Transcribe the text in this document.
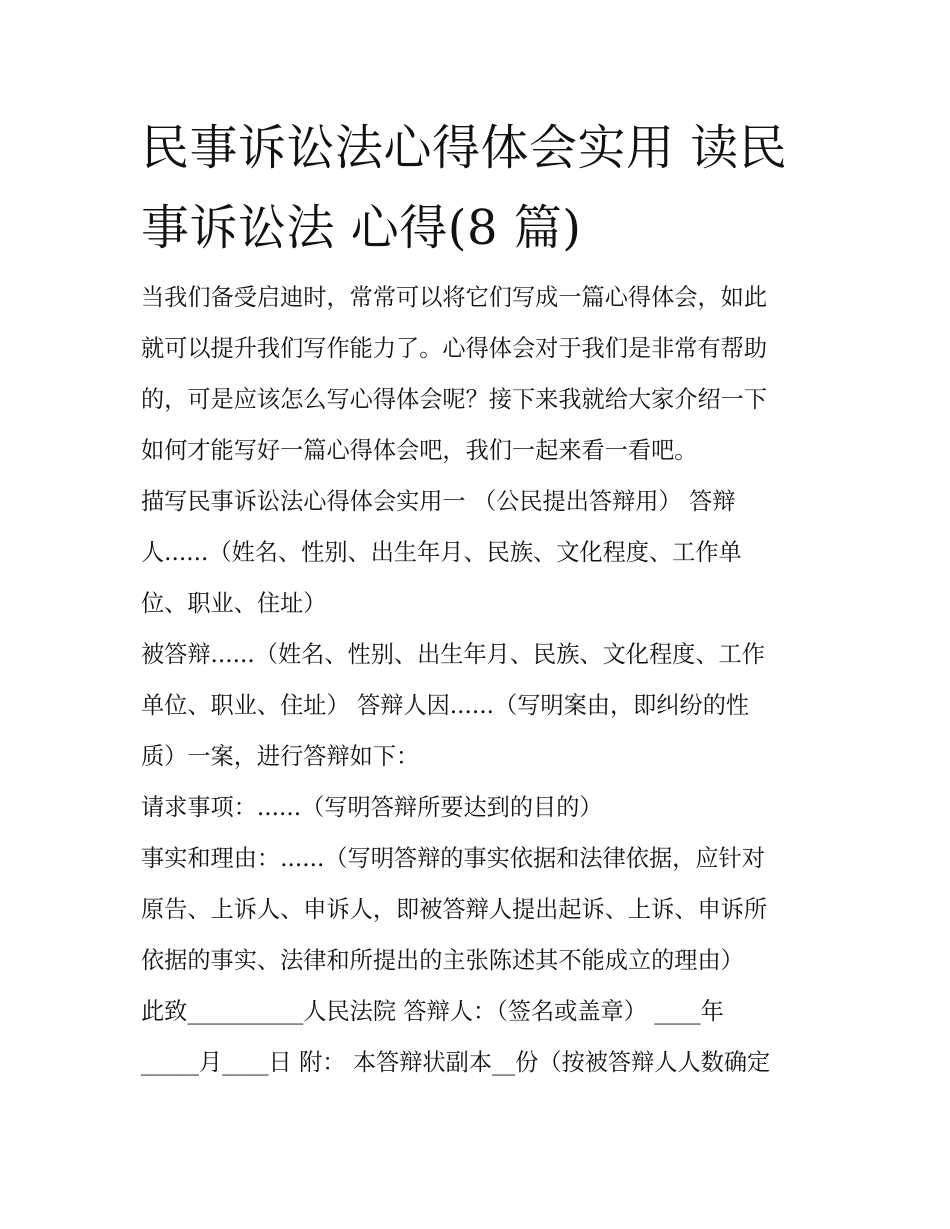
民事诉讼法心得体会实用 读民
事诉讼法 心得(8 篇)

当我们备受启迪时，常常可以将它们写成一篇心得体会，如此
就可以提升我们写作能力了。心得体会对于我们是非常有帮助
的，可是应该怎么写心得体会呢？接下来我就给大家介绍一下
如何才能写好一篇心得体会吧，我们一起来看一看吧。

描写民事诉讼法心得体会实用一 （公民提出答辩用） 答辩
人......（姓名、性别、出生年月、民族、文化程度、工作单
位、职业、住址）

被答辩......（姓名、性别、出生年月、民族、文化程度、工作
单位、职业、住址） 答辩人因......（写明案由，即纠纷的性
质）一案，进行答辩如下：

请求事项：......（写明答辩所要达到的目的）

事实和理由：......（写明答辩的事实依据和法律依据，应针对
原告、上诉人、申诉人，即被答辩人提出起诉、上诉、申诉所
依据的事实、法律和所提出的主张陈述其不能成立的理由）

此致__________人民法院 答辩人：（签名或盖章） ____年
_____月____日 附： 本答辩状副本__份（按被答辩人人数确定
